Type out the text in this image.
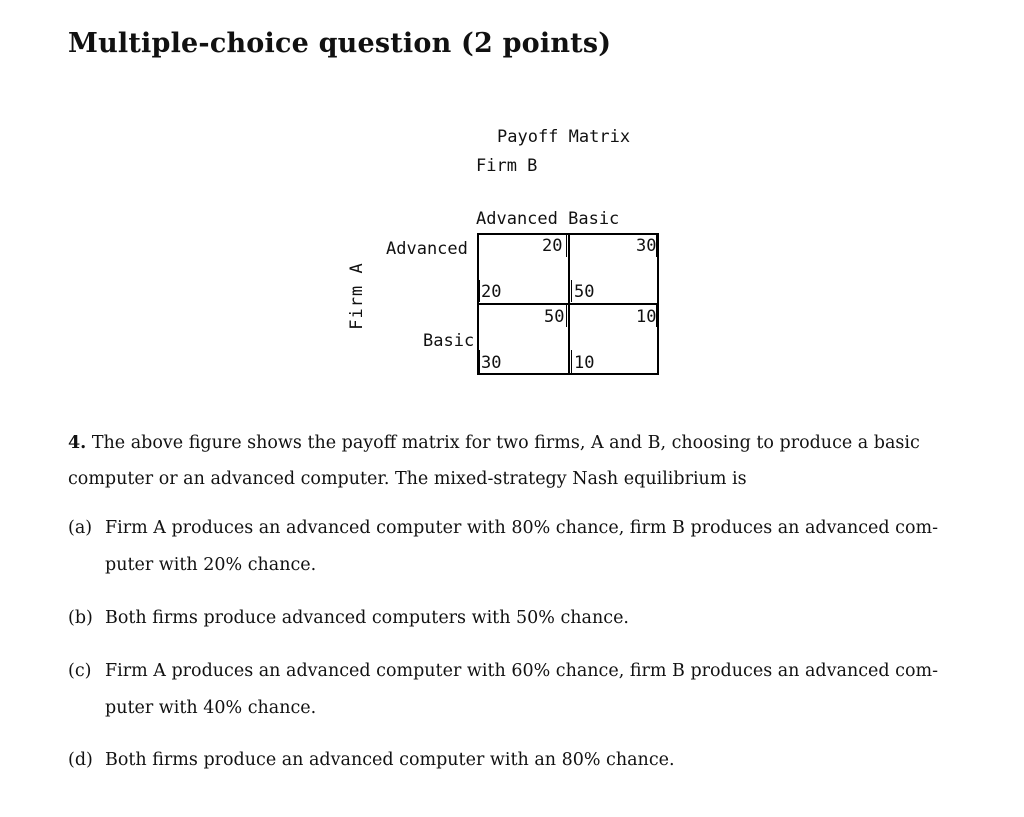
Multiple-choice question (2 points)
Payoff Matrix
Firm B
Advanced Basic
Advanced
Basic
Firm A
20
20
30
50
50
30
10
10

4. The above figure shows the payoff matrix for two firms, A and B, choosing to produce a basic computer or an advanced computer. The mixed-strategy Nash equilibrium is

(a) Firm A produces an advanced computer with 80% chance, firm B produces an advanced com-
puter with 20% chance.
(b) Both firms produce advanced computers with 50% chance.
(c) Firm A produces an advanced computer with 60% chance, firm B produces an advanced com-
puter with 40% chance.
(d) Both firms produce an advanced computer with an 80% chance.
